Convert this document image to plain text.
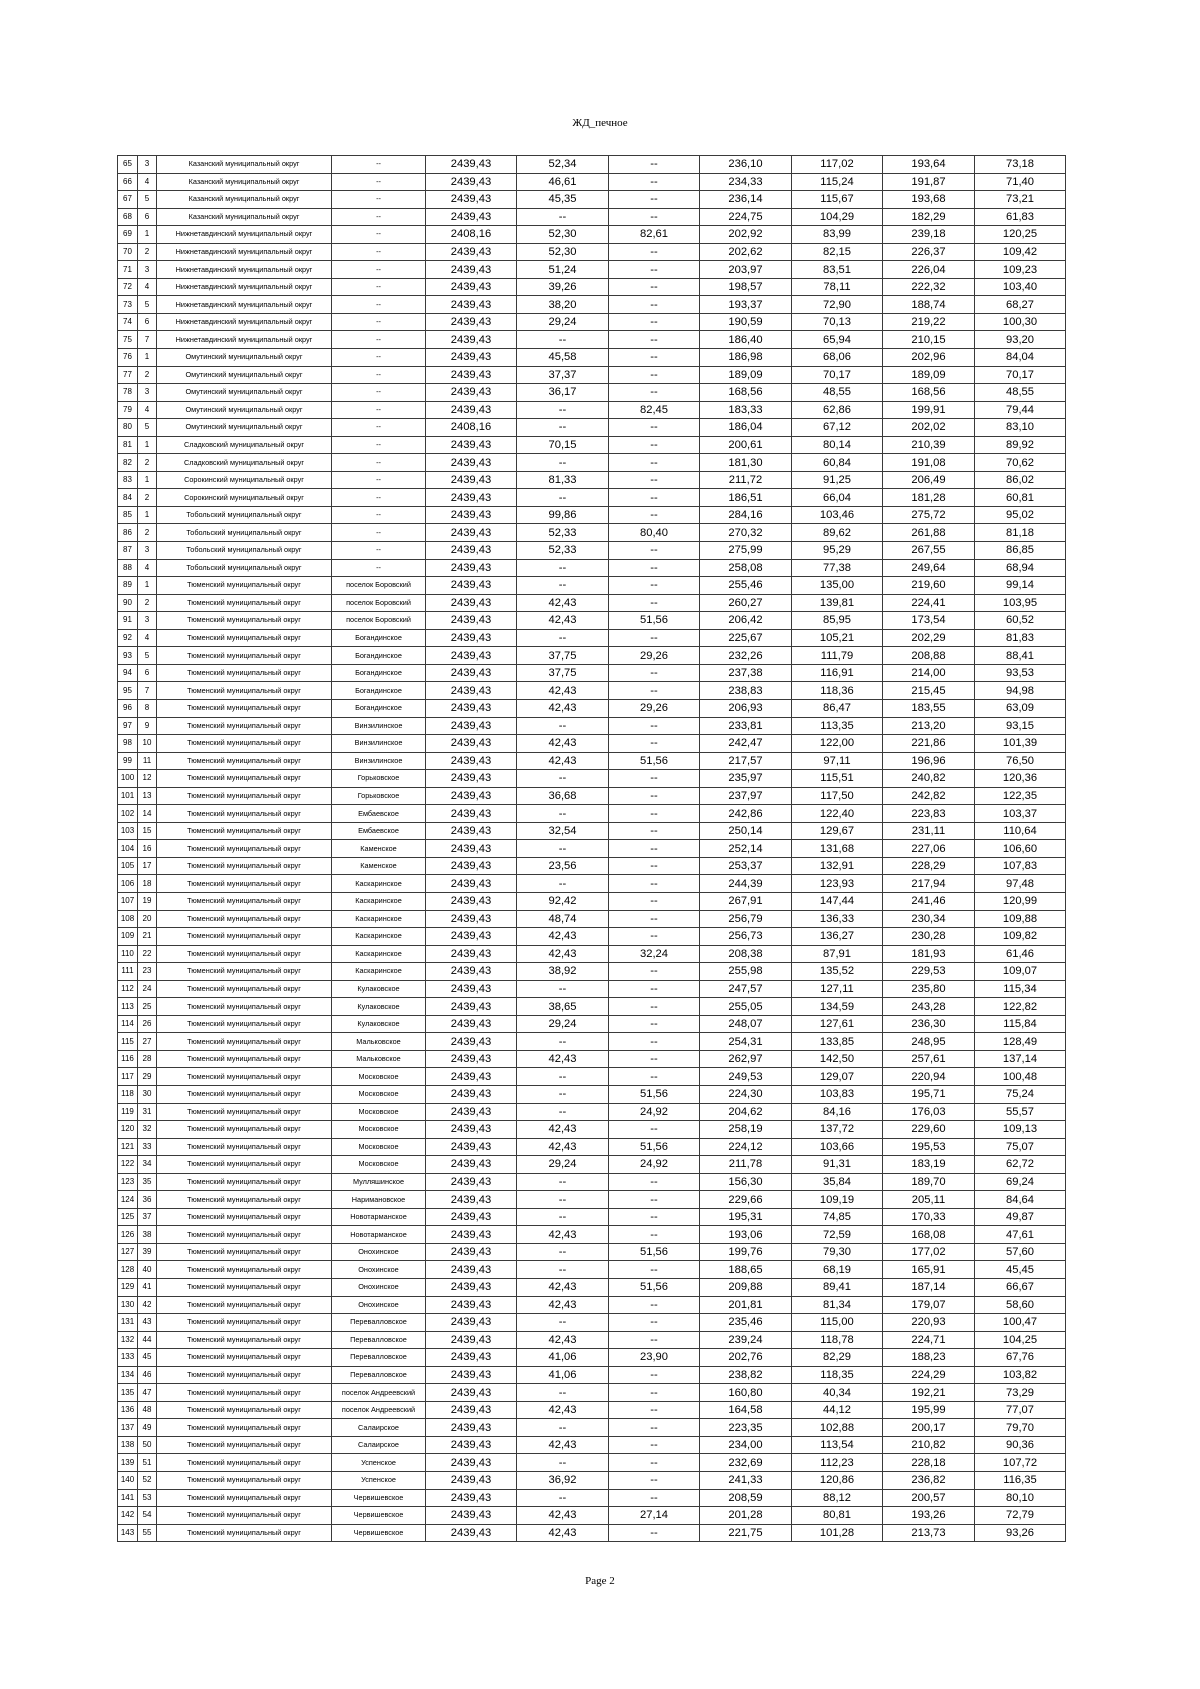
ЖД_печное
65	3	Казанский муниципальный округ	--	2439,43	52,34	--	236,10	117,02	193,64	73,18
66	4	Казанский муниципальный округ	--	2439,43	46,61	--	234,33	115,24	191,87	71,40
67	5	Казанский муниципальный округ	--	2439,43	45,35	--	236,14	115,67	193,68	73,21
68	6	Казанский муниципальный округ	--	2439,43	--	--	224,75	104,29	182,29	61,83
69	1	Нижнетавдинский муниципальный округ	--	2408,16	52,30	82,61	202,92	83,99	239,18	120,25
70	2	Нижнетавдинский муниципальный округ	--	2439,43	52,30	--	202,62	82,15	226,37	109,42
71	3	Нижнетавдинский муниципальный округ	--	2439,43	51,24	--	203,97	83,51	226,04	109,23
72	4	Нижнетавдинский муниципальный округ	--	2439,43	39,26	--	198,57	78,11	222,32	103,40
73	5	Нижнетавдинский муниципальный округ	--	2439,43	38,20	--	193,37	72,90	188,74	68,27
74	6	Нижнетавдинский муниципальный округ	--	2439,43	29,24	--	190,59	70,13	219,22	100,30
75	7	Нижнетавдинский муниципальный округ	--	2439,43	--	--	186,40	65,94	210,15	93,20
76	1	Омутинский муниципальный округ	--	2439,43	45,58	--	186,98	68,06	202,96	84,04
77	2	Омутинский муниципальный округ	--	2439,43	37,37	--	189,09	70,17	189,09	70,17
78	3	Омутинский муниципальный округ	--	2439,43	36,17	--	168,56	48,55	168,56	48,55
79	4	Омутинский муниципальный округ	--	2439,43	--	82,45	183,33	62,86	199,91	79,44
80	5	Омутинский муниципальный округ	--	2408,16	--	--	186,04	67,12	202,02	83,10
81	1	Сладковский муниципальный округ	--	2439,43	70,15	--	200,61	80,14	210,39	89,92
82	2	Сладковский муниципальный округ	--	2439,43	--	--	181,30	60,84	191,08	70,62
83	1	Сорокинский муниципальный округ	--	2439,43	81,33	--	211,72	91,25	206,49	86,02
84	2	Сорокинский муниципальный округ	--	2439,43	--	--	186,51	66,04	181,28	60,81
85	1	Тобольский муниципальный округ	--	2439,43	99,86	--	284,16	103,46	275,72	95,02
86	2	Тобольский муниципальный округ	--	2439,43	52,33	80,40	270,32	89,62	261,88	81,18
87	3	Тобольский муниципальный округ	--	2439,43	52,33	--	275,99	95,29	267,55	86,85
88	4	Тобольский муниципальный округ	--	2439,43	--	--	258,08	77,38	249,64	68,94
89	1	Тюменский муниципальный округ	поселок Боровский	2439,43	--	--	255,46	135,00	219,60	99,14
90	2	Тюменский муниципальный округ	поселок Боровский	2439,43	42,43	--	260,27	139,81	224,41	103,95
91	3	Тюменский муниципальный округ	поселок Боровский	2439,43	42,43	51,56	206,42	85,95	173,54	60,52
92	4	Тюменский муниципальный округ	Богандинское	2439,43	--	--	225,67	105,21	202,29	81,83
93	5	Тюменский муниципальный округ	Богандинское	2439,43	37,75	29,26	232,26	111,79	208,88	88,41
94	6	Тюменский муниципальный округ	Богандинское	2439,43	37,75	--	237,38	116,91	214,00	93,53
95	7	Тюменский муниципальный округ	Богандинское	2439,43	42,43	--	238,83	118,36	215,45	94,98
96	8	Тюменский муниципальный округ	Богандинское	2439,43	42,43	29,26	206,93	86,47	183,55	63,09
97	9	Тюменский муниципальный округ	Винзилинское	2439,43	--	--	233,81	113,35	213,20	93,15
98	10	Тюменский муниципальный округ	Винзилинское	2439,43	42,43	--	242,47	122,00	221,86	101,39
99	11	Тюменский муниципальный округ	Винзилинское	2439,43	42,43	51,56	217,57	97,11	196,96	76,50
100	12	Тюменский муниципальный округ	Горьковское	2439,43	--	--	235,97	115,51	240,82	120,36
101	13	Тюменский муниципальный округ	Горьковское	2439,43	36,68	--	237,97	117,50	242,82	122,35
102	14	Тюменский муниципальный округ	Ембаевское	2439,43	--	--	242,86	122,40	223,83	103,37
103	15	Тюменский муниципальный округ	Ембаевское	2439,43	32,54	--	250,14	129,67	231,11	110,64
104	16	Тюменский муниципальный округ	Каменское	2439,43	--	--	252,14	131,68	227,06	106,60
105	17	Тюменский муниципальный округ	Каменское	2439,43	23,56	--	253,37	132,91	228,29	107,83
106	18	Тюменский муниципальный округ	Каскаринское	2439,43	--	--	244,39	123,93	217,94	97,48
107	19	Тюменский муниципальный округ	Каскаринское	2439,43	92,42	--	267,91	147,44	241,46	120,99
108	20	Тюменский муниципальный округ	Каскаринское	2439,43	48,74	--	256,79	136,33	230,34	109,88
109	21	Тюменский муниципальный округ	Каскаринское	2439,43	42,43	--	256,73	136,27	230,28	109,82
110	22	Тюменский муниципальный округ	Каскаринское	2439,43	42,43	32,24	208,38	87,91	181,93	61,46
111	23	Тюменский муниципальный округ	Каскаринское	2439,43	38,92	--	255,98	135,52	229,53	109,07
112	24	Тюменский муниципальный округ	Кулаковское	2439,43	--	--	247,57	127,11	235,80	115,34
113	25	Тюменский муниципальный округ	Кулаковское	2439,43	38,65	--	255,05	134,59	243,28	122,82
114	26	Тюменский муниципальный округ	Кулаковское	2439,43	29,24	--	248,07	127,61	236,30	115,84
115	27	Тюменский муниципальный округ	Мальковское	2439,43	--	--	254,31	133,85	248,95	128,49
116	28	Тюменский муниципальный округ	Мальковское	2439,43	42,43	--	262,97	142,50	257,61	137,14
117	29	Тюменский муниципальный округ	Московское	2439,43	--	--	249,53	129,07	220,94	100,48
118	30	Тюменский муниципальный округ	Московское	2439,43	--	51,56	224,30	103,83	195,71	75,24
119	31	Тюменский муниципальный округ	Московское	2439,43	--	24,92	204,62	84,16	176,03	55,57
120	32	Тюменский муниципальный округ	Московское	2439,43	42,43	--	258,19	137,72	229,60	109,13
121	33	Тюменский муниципальный округ	Московское	2439,43	42,43	51,56	224,12	103,66	195,53	75,07
122	34	Тюменский муниципальный округ	Московское	2439,43	29,24	24,92	211,78	91,31	183,19	62,72
123	35	Тюменский муниципальный округ	Мулляшинское	2439,43	--	--	156,30	35,84	189,70	69,24
124	36	Тюменский муниципальный округ	Наримановское	2439,43	--	--	229,66	109,19	205,11	84,64
125	37	Тюменский муниципальный округ	Новотарманское	2439,43	--	--	195,31	74,85	170,33	49,87
126	38	Тюменский муниципальный округ	Новотарманское	2439,43	42,43	--	193,06	72,59	168,08	47,61
127	39	Тюменский муниципальный округ	Онохинское	2439,43	--	51,56	199,76	79,30	177,02	57,60
128	40	Тюменский муниципальный округ	Онохинское	2439,43	--	--	188,65	68,19	165,91	45,45
129	41	Тюменский муниципальный округ	Онохинское	2439,43	42,43	51,56	209,88	89,41	187,14	66,67
130	42	Тюменский муниципальный округ	Онохинское	2439,43	42,43	--	201,81	81,34	179,07	58,60
131	43	Тюменский муниципальный округ	Перевалловское	2439,43	--	--	235,46	115,00	220,93	100,47
132	44	Тюменский муниципальный округ	Перевалловское	2439,43	42,43	--	239,24	118,78	224,71	104,25
133	45	Тюменский муниципальный округ	Перевалловское	2439,43	41,06	23,90	202,76	82,29	188,23	67,76
134	46	Тюменский муниципальный округ	Перевалловское	2439,43	41,06	--	238,82	118,35	224,29	103,82
135	47	Тюменский муниципальный округ	поселок Андреевский	2439,43	--	--	160,80	40,34	192,21	73,29
136	48	Тюменский муниципальный округ	поселок Андреевский	2439,43	42,43	--	164,58	44,12	195,99	77,07
137	49	Тюменский муниципальный округ	Салаирское	2439,43	--	--	223,35	102,88	200,17	79,70
138	50	Тюменский муниципальный округ	Салаирское	2439,43	42,43	--	234,00	113,54	210,82	90,36
139	51	Тюменский муниципальный округ	Успенское	2439,43	--	--	232,69	112,23	228,18	107,72
140	52	Тюменский муниципальный округ	Успенское	2439,43	36,92	--	241,33	120,86	236,82	116,35
141	53	Тюменский муниципальный округ	Червишевское	2439,43	--	--	208,59	88,12	200,57	80,10
142	54	Тюменский муниципальный округ	Червишевское	2439,43	42,43	27,14	201,28	80,81	193,26	72,79
143	55	Тюменский муниципальный округ	Червишевское	2439,43	42,43	--	221,75	101,28	213,73	93,26
Page 2
